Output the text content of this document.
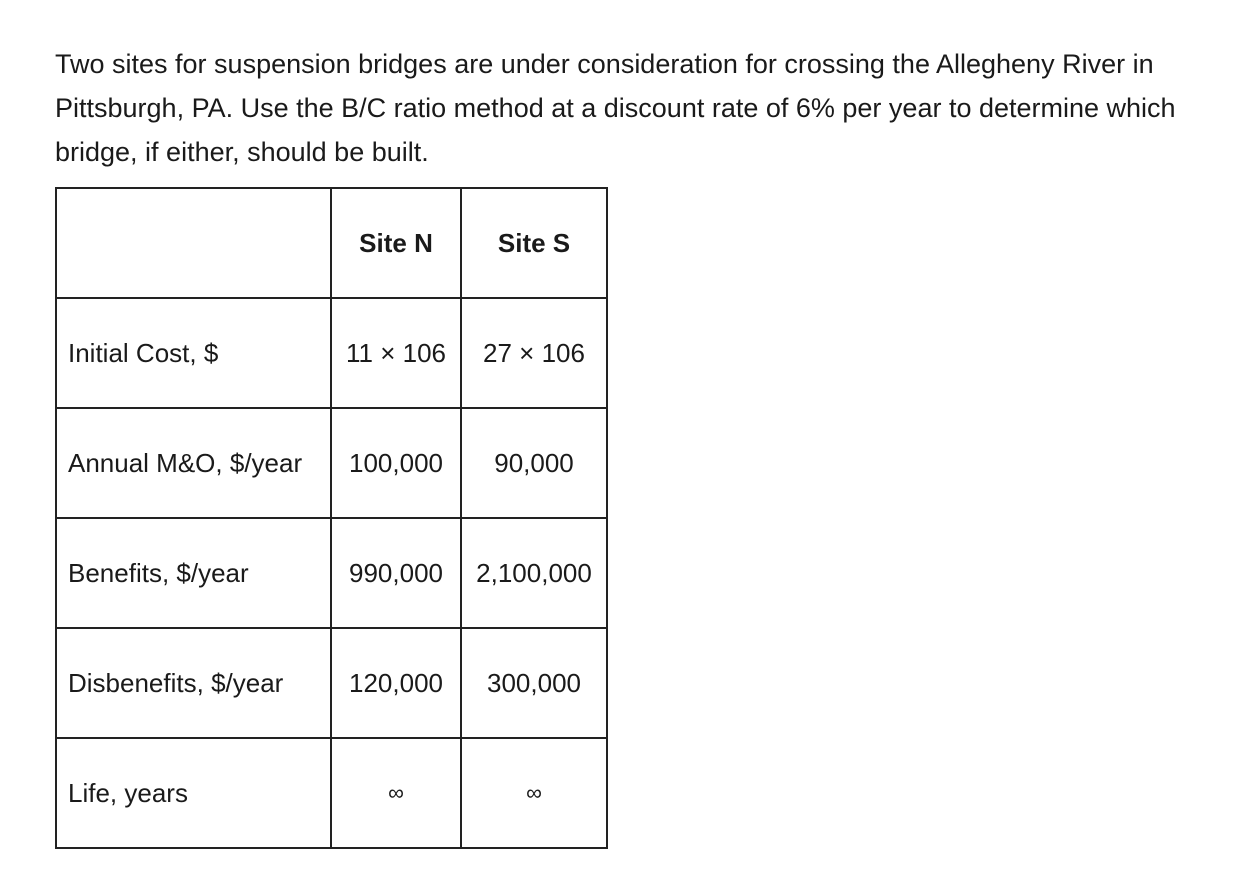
Two sites for suspension bridges are under consideration for crossing the Allegheny River in Pittsburgh, PA. Use the B/C ratio method at a discount rate of 6% per year to determine which bridge, if either, should be built.

	Site N	Site S
Initial Cost, $	11 × 106	27 × 106
Annual M&O, $/year	100,000	90,000
Benefits, $/year	990,000	2,100,000
Disbenefits, $/year	120,000	300,000
Life, years	∞	∞
